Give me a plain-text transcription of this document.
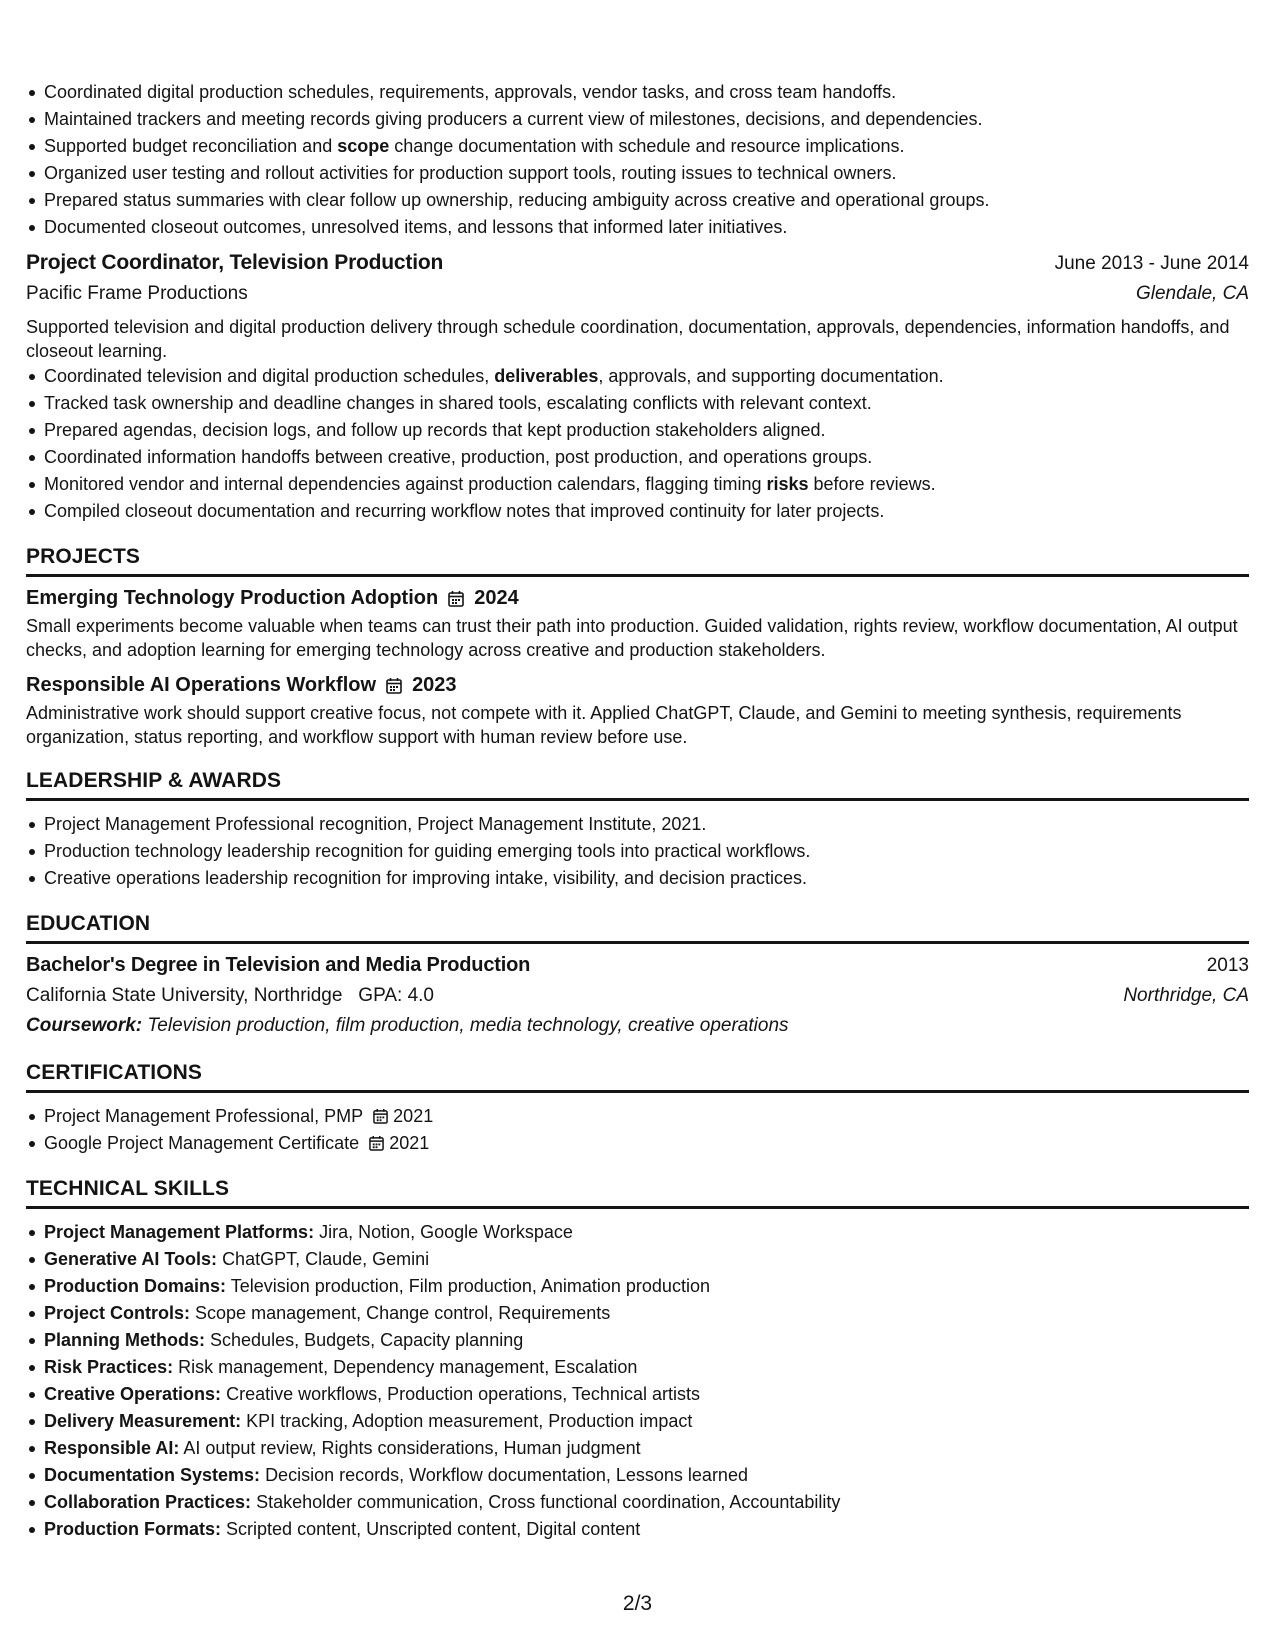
Coordinated digital production schedules, requirements, approvals, vendor tasks, and cross team handoffs.
Maintained trackers and meeting records giving producers a current view of milestones, decisions, and dependencies.
Supported budget reconciliation and scope change documentation with schedule and resource implications.
Organized user testing and rollout activities for production support tools, routing issues to technical owners.
Prepared status summaries with clear follow up ownership, reducing ambiguity across creative and operational groups.
Documented closeout outcomes, unresolved items, and lessons that informed later initiatives.
Project Coordinator, Television Production	June 2013 - June 2014
Pacific Frame Productions	Glendale, CA
Supported television and digital production delivery through schedule coordination, documentation, approvals, dependencies, information handoffs, and closeout learning.
Coordinated television and digital production schedules, deliverables, approvals, and supporting documentation.
Tracked task ownership and deadline changes in shared tools, escalating conflicts with relevant context.
Prepared agendas, decision logs, and follow up records that kept production stakeholders aligned.
Coordinated information handoffs between creative, production, post production, and operations groups.
Monitored vendor and internal dependencies against production calendars, flagging timing risks before reviews.
Compiled closeout documentation and recurring workflow notes that improved continuity for later projects.
PROJECTS
Emerging Technology Production Adoption 2024
Small experiments become valuable when teams can trust their path into production. Guided validation, rights review, workflow documentation, AI output checks, and adoption learning for emerging technology across creative and production stakeholders.
Responsible AI Operations Workflow 2023
Administrative work should support creative focus, not compete with it. Applied ChatGPT, Claude, and Gemini to meeting synthesis, requirements organization, status reporting, and workflow support with human review before use.
LEADERSHIP & AWARDS
Project Management Professional recognition, Project Management Institute, 2021.
Production technology leadership recognition for guiding emerging tools into practical workflows.
Creative operations leadership recognition for improving intake, visibility, and decision practices.
EDUCATION
Bachelor's Degree in Television and Media Production	2013
California State University, Northridge GPA: 4.0	Northridge, CA
Coursework: Television production, film production, media technology, creative operations
CERTIFICATIONS
Project Management Professional, PMP 2021
Google Project Management Certificate 2021
TECHNICAL SKILLS
Project Management Platforms: Jira, Notion, Google Workspace
Generative AI Tools: ChatGPT, Claude, Gemini
Production Domains: Television production, Film production, Animation production
Project Controls: Scope management, Change control, Requirements
Planning Methods: Schedules, Budgets, Capacity planning
Risk Practices: Risk management, Dependency management, Escalation
Creative Operations: Creative workflows, Production operations, Technical artists
Delivery Measurement: KPI tracking, Adoption measurement, Production impact
Responsible AI: AI output review, Rights considerations, Human judgment
Documentation Systems: Decision records, Workflow documentation, Lessons learned
Collaboration Practices: Stakeholder communication, Cross functional coordination, Accountability
Production Formats: Scripted content, Unscripted content, Digital content
2/3
